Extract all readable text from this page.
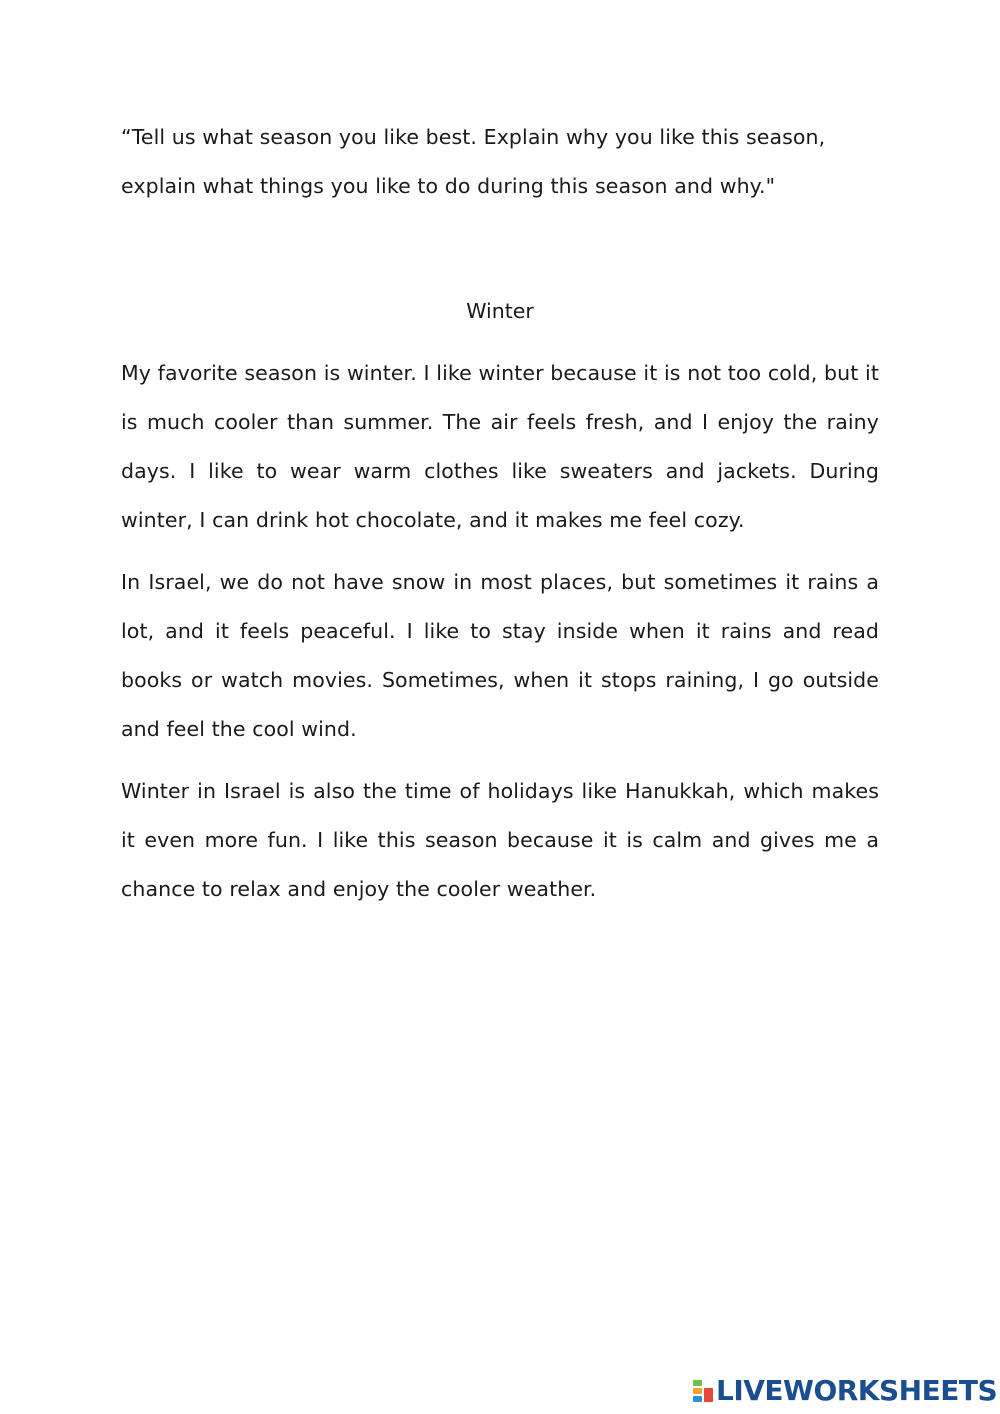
“Tell us what season you like best. Explain why you like this season, explain what things you like to do during this season and why."

Winter

My favorite season is winter. I like winter because it is not too cold, but it is much cooler than summer. The air feels fresh, and I enjoy the rainy days. I like to wear warm clothes like sweaters and jackets. During winter, I can drink hot chocolate, and it makes me feel cozy.

In Israel, we do not have snow in most places, but sometimes it rains a lot, and it feels peaceful. I like to stay inside when it rains and read books or watch movies. Sometimes, when it stops raining, I go outside and feel the cool wind.

Winter in Israel is also the time of holidays like Hanukkah, which makes it even more fun. I like this season because it is calm and gives me a chance to relax and enjoy the cooler weather.

LIVEWORKSHEETS
